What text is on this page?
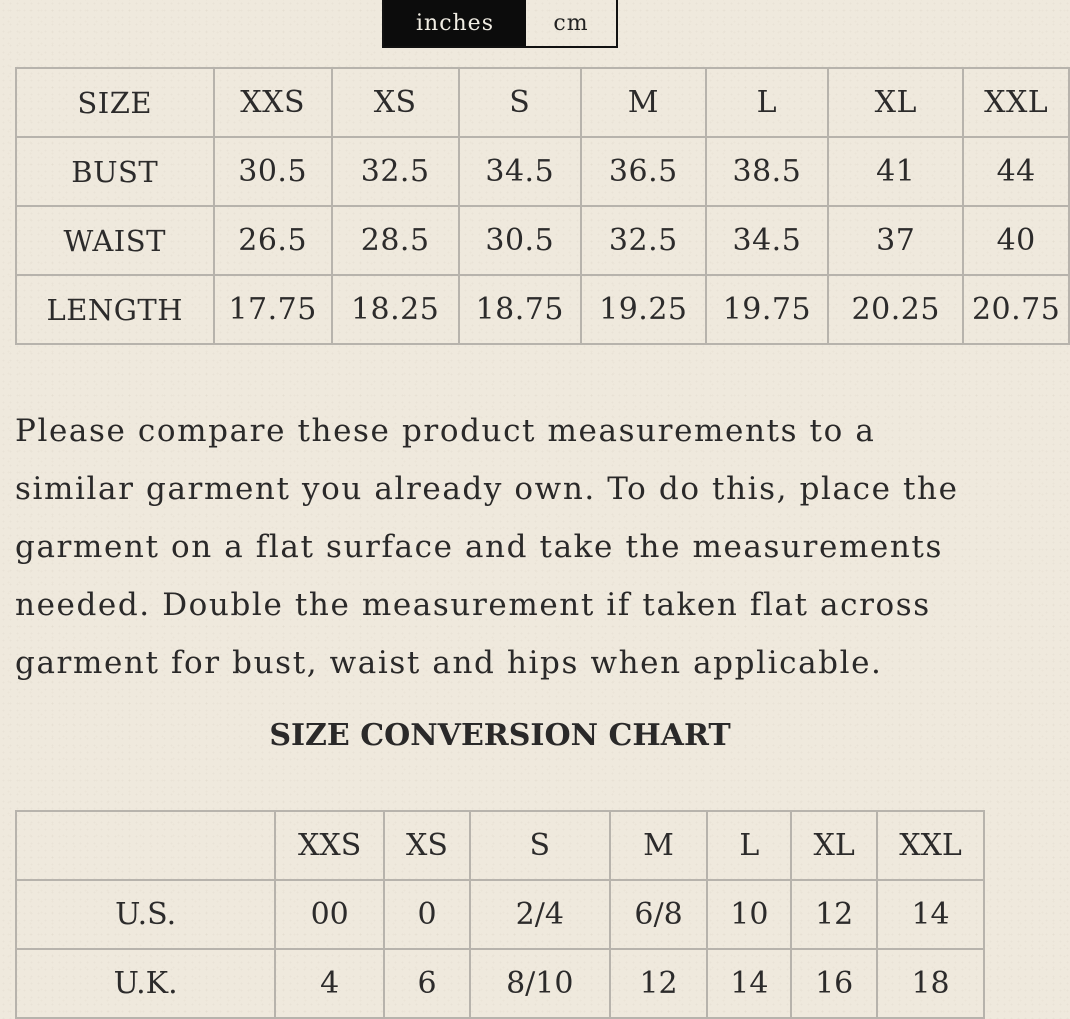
inches	cm
SIZE	XXS	XS	S	M	L	XL	XXL
BUST	30.5	32.5	34.5	36.5	38.5	41	44
WAIST	26.5	28.5	30.5	32.5	34.5	37	40
LENGTH	17.75	18.25	18.75	19.25	19.75	20.25	20.75

Please compare these product measurements to a similar garment you already own. To do this, place the garment on a flat surface and take the measurements needed. Double the measurement if taken flat across garment for bust, waist and hips when applicable.

SIZE CONVERSION CHART
	XXS	XS	S	M	L	XL	XXL
U.S.	00	0	2/4	6/8	10	12	14
U.K.	4	6	8/10	12	14	16	18
